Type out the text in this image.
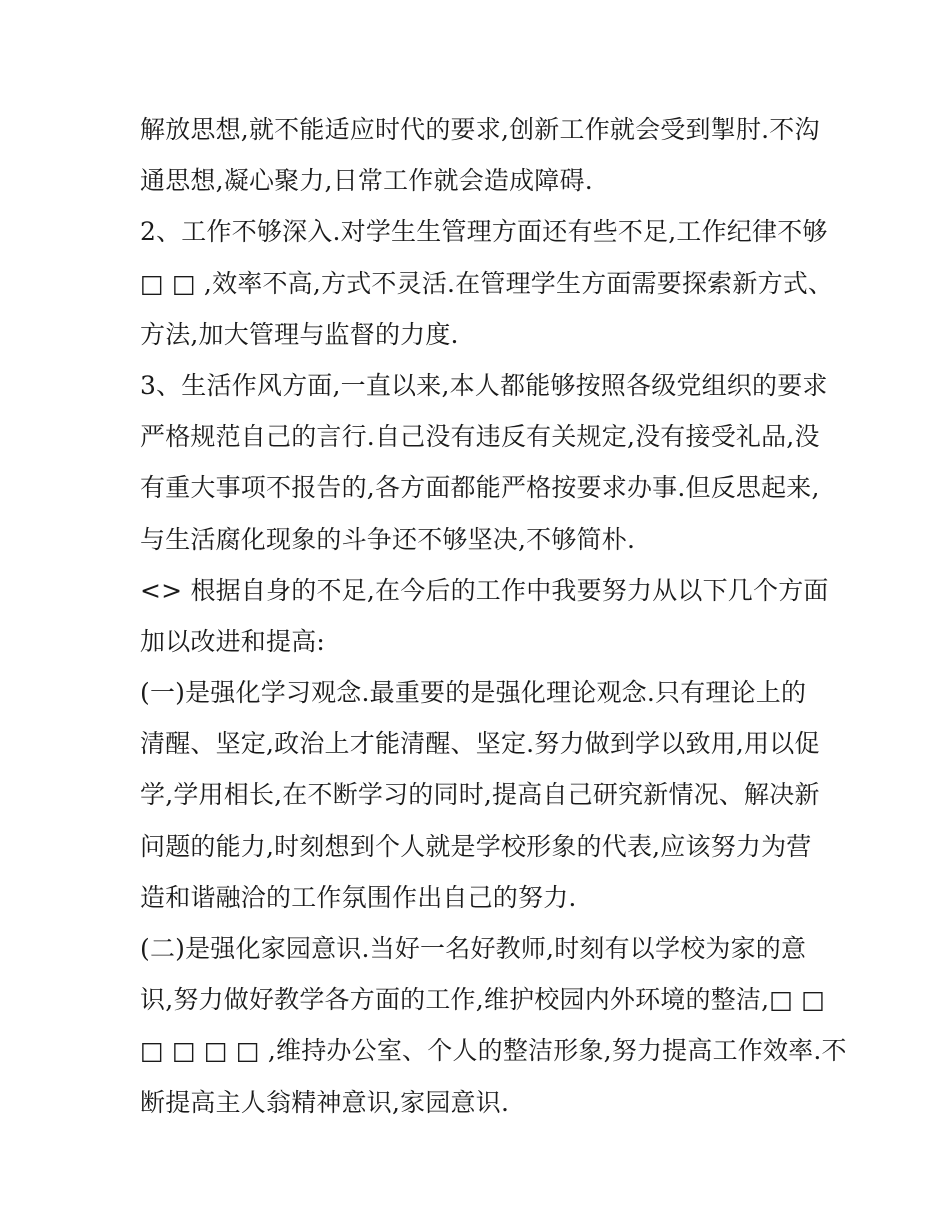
解放思想,就不能适应时代的要求,创新工作就会受到掣肘.不沟
通思想,凝心聚力,日常工作就会造成障碍.
2、工作不够深入.对学生生管理方面还有些不足,工作纪律不够
□ □ ,效率不高,方式不灵活.在管理学生方面需要探索新方式、
方法,加大管理与监督的力度.
3、生活作风方面,一直以来,本人都能够按照各级党组织的要求
严格规范自己的言行.自己没有违反有关规定,没有接受礼品,没
有重大事项不报告的,各方面都能严格按要求办事.但反思起来,
与生活腐化现象的斗争还不够坚决,不够简朴.
<> 根据自身的不足,在今后的工作中我要努力从以下几个方面
加以改进和提高:
(一)是强化学习观念.最重要的是强化理论观念.只有理论上的
清醒、坚定,政治上才能清醒、坚定.努力做到学以致用,用以促
学,学用相长,在不断学习的同时,提高自己研究新情况、解决新
问题的能力,时刻想到个人就是学校形象的代表,应该努力为营
造和谐融洽的工作氛围作出自己的努力.
(二)是强化家园意识.当好一名好教师,时刻有以学校为家的意
识,努力做好教学各方面的工作,维护校园内外环境的整洁,□ □
□ □ □ □ ,维持办公室、个人的整洁形象,努力提高工作效率.不
断提高主人翁精神意识,家园意识.
